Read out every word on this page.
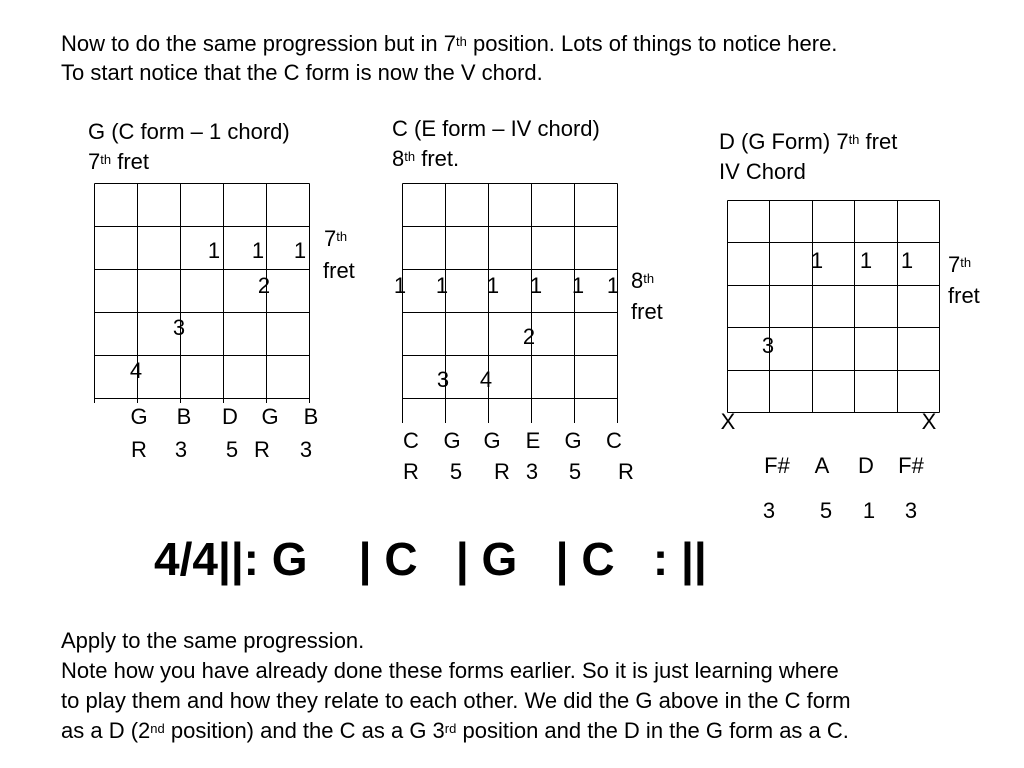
Now to do the same progression but in 7th position. Lots of things to notice here.
To start notice that the C form is now the V chord.
G (C form – 1 chord)
7th fret
1 1 1
2
3
4
7th
fret
G B D G B
R 3 5 R 3
C (E form – IV chord)
8th fret.
1 1 1 1 1 1
2
3 4
8th
fret
C G G E G C
R 5 R 3 5 R
D (G Form) 7th fret
IV Chord
1 1 1
3
X	X
7th
fret
F# A D F#
3 5 1 3
4/4||: G    | C   | G   | C   : ||
Apply to the same progression.
Note how you have already done these forms earlier. So it is just learning where
to play them and how they relate to each other. We did the G above in the C form
as a D (2nd position) and the C as a G 3rd position and the D in the G form as a C.
